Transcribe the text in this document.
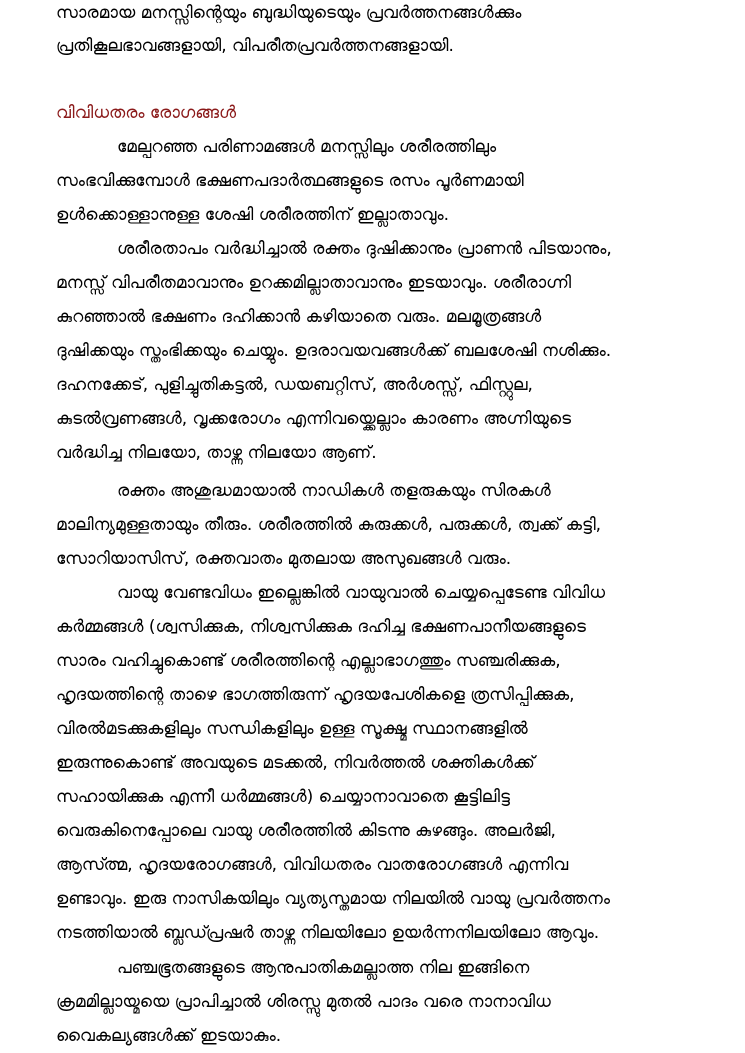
സാരമായ മനസ്സിന്റെയും ബുദ്ധിയുടെയും പ്രവർത്തനങ്ങൾക്കും
പ്രതികൂലഭാവങ്ങളായി, വിപരീതപ്രവർത്തനങ്ങളായി.
വിവിധതരം രോഗങ്ങൾ
മേല്പറഞ്ഞ പരിണാമങ്ങൾ മനസ്സിലും ശരീരത്തിലും
സംഭവിക്കുമ്പോൾ ഭക്ഷണപദാർത്ഥങ്ങളുടെ രസം പൂർണമായി
ഉൾക്കൊള്ളാനുള്ള ശേഷി ശരീരത്തിന് ഇല്ലാതാവും.
ശരീരതാപം വർദ്ധിച്ചാൽ രക്തം ദുഷിക്കാനും പ്രാണൻ പിടയാനും,
മനസ്സ് വിപരീതമാവാനും ഉറക്കമില്ലാതാവാനും ഇടയാവും. ശരീരാഗ്നി
കുറഞ്ഞാൽ ഭക്ഷണം ദഹിക്കാൻ കഴിയാതെ വരും. മലമൂത്രങ്ങൾ
ദുഷിക്കയും സ്തംഭിക്കയും ചെയ്യും. ഉദരാവയവങ്ങൾക്ക് ബലശേഷി നശിക്കും.
ദഹനക്കേട്, പുളിച്ചുതികട്ടൽ, ഡയബറ്റിസ്, അർശസ്സ്, ഫിസ്റ്റുല,
കുടൽവ്രണങ്ങൾ, വൃക്കരോഗം എന്നിവയ്ക്കെല്ലാം കാരണം അഗ്നിയുടെ
വർദ്ധിച്ച നിലയോ, താഴ്ന്ന നിലയോ ആണ്.
രക്തം അശുദ്ധമായാൽ നാഡികൾ തളരുകയും സിരകൾ
മാലിന്യമുള്ളതായും തീരും. ശരീരത്തിൽ കുരുക്കൾ, പരുക്കൾ, ത്വക്ക് കട്ടി,
സോറിയാസിസ്, രക്തവാതം മുതലായ അസുഖങ്ങൾ വരും.
വായു വേണ്ടവിധം ഇല്ലെങ്കിൽ വായുവാൽ ചെയ്യപ്പെടേണ്ട വിവിധ
കർമ്മങ്ങൾ (ശ്വസിക്കുക, നിശ്വസിക്കുക ദഹിച്ച ഭക്ഷണപാനീയങ്ങളുടെ
സാരം വഹിച്ചുകൊണ്ട് ശരീരത്തിന്റെ എല്ലാഭാഗത്തും സഞ്ചരിക്കുക,
ഹൃദയത്തിന്റെ താഴെ ഭാഗത്തിരുന്ന് ഹൃദയപേശികളെ ത്രസിപ്പിക്കുക,
വിരൽമടക്കുകളിലും സന്ധികളിലും ഉള്ള സൂക്ഷ്മ സ്ഥാനങ്ങളിൽ
ഇരുന്നുകൊണ്ട് അവയുടെ മടക്കൽ, നിവർത്തൽ ശക്തികൾക്ക്
സഹായിക്കുക എന്നീ ധർമ്മങ്ങൾ) ചെയ്യാനാവാതെ കൂട്ടിലിട്ട
വെരുകിനെപ്പോലെ വായു ശരീരത്തിൽ കിടന്നു കുഴങ്ങും. അലർജി,
ആസ്ത്മ, ഹൃദയരോഗങ്ങൾ, വിവിധതരം വാതരോഗങ്ങൾ എന്നിവ
ഉണ്ടാവും. ഇരു നാസികയിലും വ്യത്യസ്തമായ നിലയിൽ വായു പ്രവർത്തനം
നടത്തിയാൽ ബ്ലഡ്പ്രഷർ താഴ്ന്ന നിലയിലോ ഉയർന്നനിലയിലോ ആവും.
പഞ്ചഭൂതങ്ങളുടെ ആനുപാതികമല്ലാത്ത നില ഇങ്ങിനെ
ക്രമമില്ലായ്മയെ പ്രാപിച്ചാൽ ശിരസ്സു മുതൽ പാദം വരെ നാനാവിധ
വൈകല്യങ്ങൾക്ക് ഇടയാകും.
